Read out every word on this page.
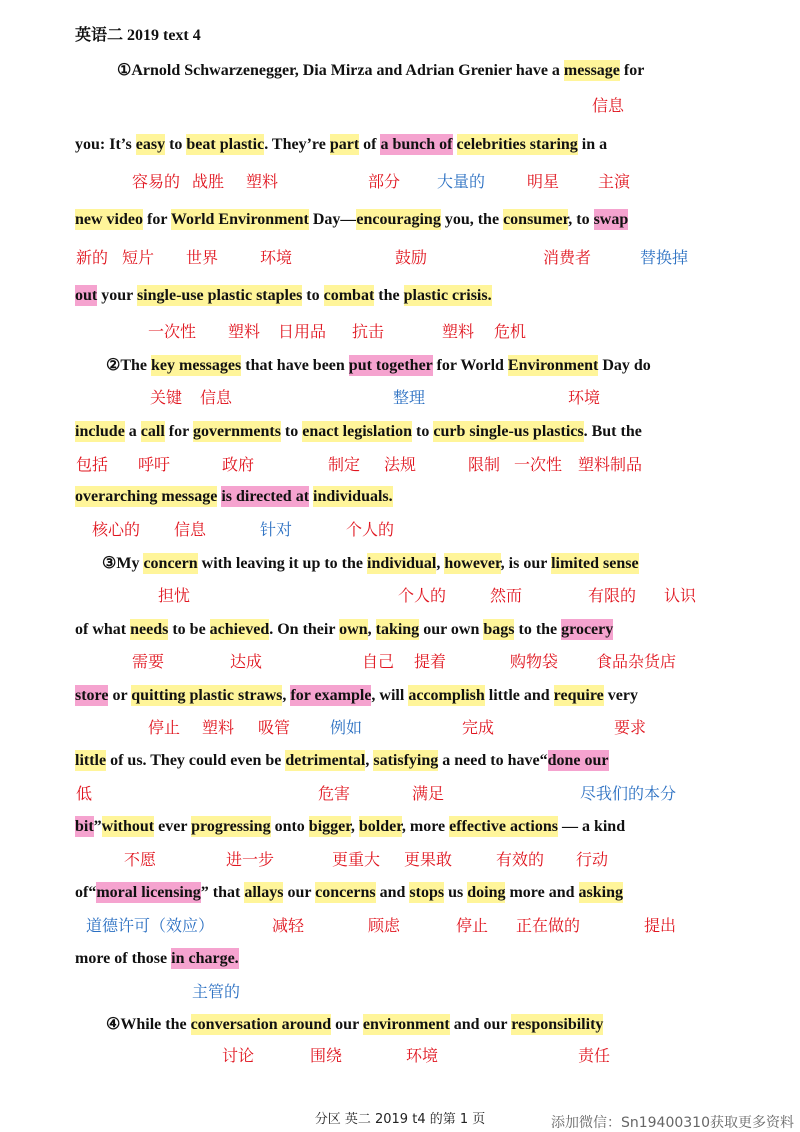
英语二 2019 text 4
①Arnold Schwarzenegger, Dia Mirza and Adrian Grenier have a message for
信息
you: It’s easy to beat plastic. They’re part of a bunch of celebrities staring in a
容易的 战胜 塑料	部分 大量的	明星 主演
new video for World Environment Day—encouraging you, the consumer, to swap
新的 短片 世界	环境	鼓励	消费者	替换掉
out your single-use plastic staples to combat the plastic crisis.
一次性 塑料 日用品 抗击	塑料 危机
②The key messages that have been put together for World Environment Day do
关键 信息	整理	环境
include a call for governments to enact legislation to curb single-us plastics. But the
包括 呼吁	政府	制定 法规	限制 一次性 塑料制品
overarching message is directed at individuals.
核心的 信息	针对	个人的
③My concern with leaving it up to the individual, however, is our limited sense
担忧	个人的	然而	有限的 认识
of what needs to be achieved. On their own, taking our own bags to the grocery
需要	达成	自己 提着	购物袋 食品杂货店
store or quitting plastic straws, for example, will accomplish little and require very
停止 塑料 吸管 例如	完成	要求
little of us. They could even be detrimental, satisfying a need to have“done our
低	危害	满足	尽我们的本分
bit”without ever progressing onto bigger, bolder, more effective actions — a kind
不愿	进一步	更重大 更果敢	有效的 行动
of“moral licensing” that allays our concerns and stops us doing more and asking
道德许可（效应）	减轻	顾虑	停止 正在做的	提出
more of those in charge.
主管的
④While the conversation around our environment and our responsibility
讨论	围绕	环境	责任
分区 英二 2019 t4 的第 1 页	添加微信：Sn19400310获取更多资料
